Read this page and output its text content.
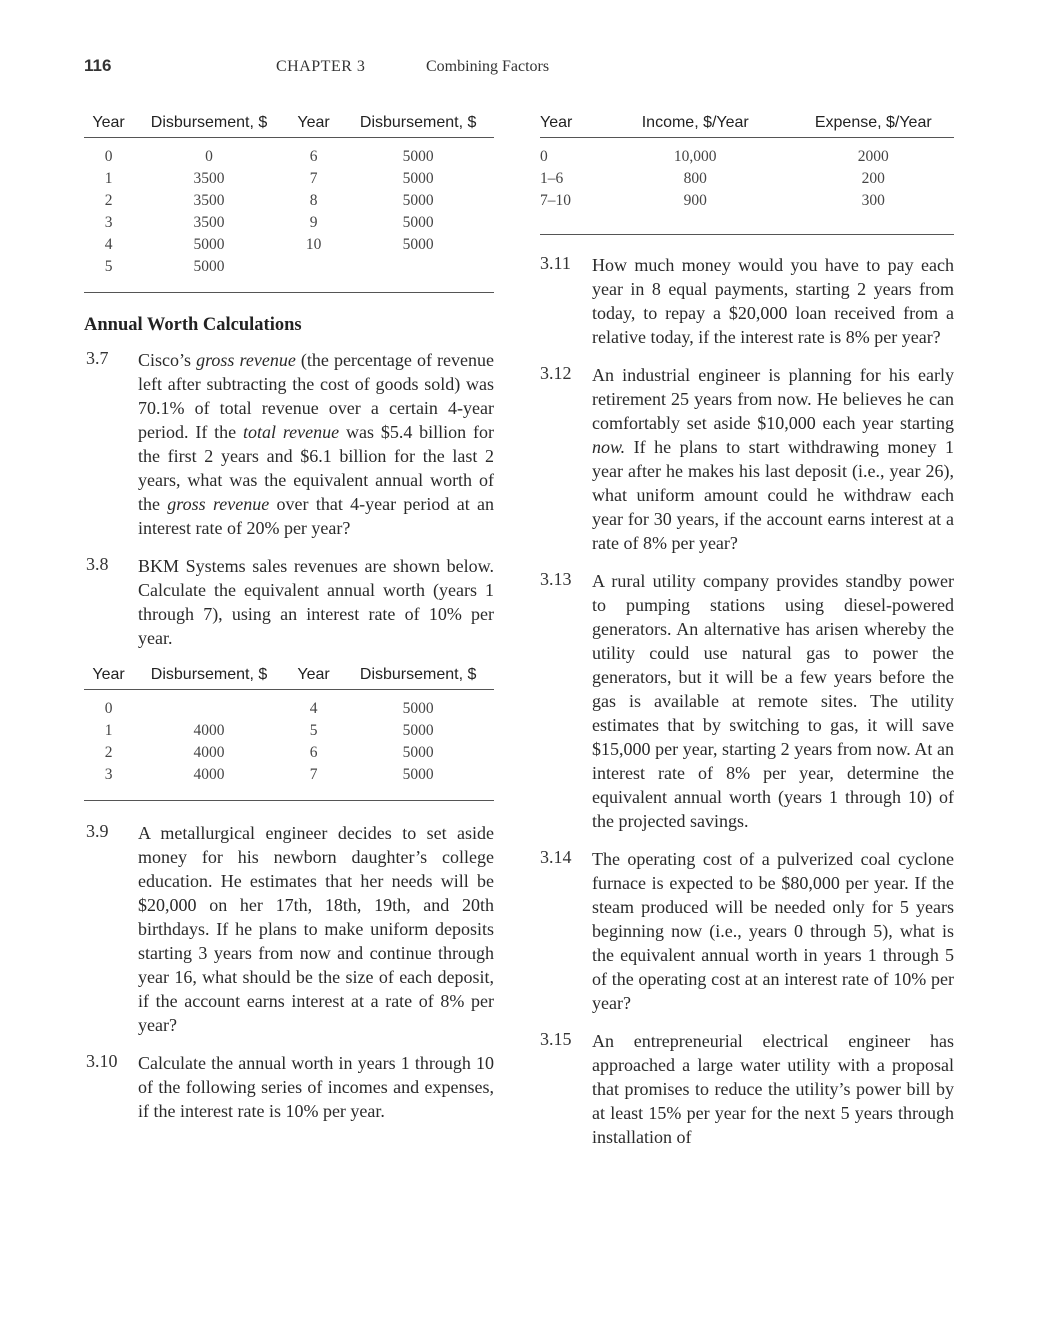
116	CHAPTER 3	Combining Factors
Year	Disbursement, $	Year	Disbursement, $
0	0	6	5000
1	3500	7	5000
2	3500	8	5000
3	3500	9	5000
4	5000	10	5000
5	5000		
Annual Worth Calculations
3.7	Cisco’s gross revenue (the percentage of revenue left after subtracting the cost of goods sold) was 70.1% of total revenue over a certain 4-year period. If the total revenue was $5.4 billion for the first 2 years and $6.1 billion for the last 2 years, what was the equivalent annual worth of the gross revenue over that 4-year period at an interest rate of 20% per year?
3.8	BKM Systems sales revenues are shown below. Calculate the equivalent annual worth (years 1 through 7), using an interest rate of 10% per year.
Year	Disbursement, $	Year	Disbursement, $
0		4	5000
1	4000	5	5000
2	4000	6	5000
3	4000	7	5000
3.9	A metallurgical engineer decides to set aside money for his newborn daughter’s college education. He estimates that her needs will be $20,000 on her 17th, 18th, 19th, and 20th birthdays. If he plans to make uniform deposits starting 3 years from now and continue through year 16, what should be the size of each deposit, if the account earns interest at a rate of 8% per year?
3.10	Calculate the annual worth in years 1 through 10 of the following series of incomes and expenses, if the interest rate is 10% per year.
Year	Income, $/Year	Expense, $/Year
0	10,000	2000
1–6	800	200
7–10	900	300
3.11	How much money would you have to pay each year in 8 equal payments, starting 2 years from today, to repay a $20,000 loan received from a relative today, if the interest rate is 8% per year?
3.12	An industrial engineer is planning for his early retirement 25 years from now. He believes he can comfortably set aside $10,000 each year starting now. If he plans to start withdrawing money 1 year after he makes his last deposit (i.e., year 26), what uniform amount could he withdraw each year for 30 years, if the account earns interest at a rate of 8% per year?
3.13	A rural utility company provides standby power to pumping stations using diesel-powered generators. An alternative has arisen whereby the utility could use natural gas to power the generators, but it will be a few years before the gas is available at remote sites. The utility estimates that by switching to gas, it will save $15,000 per year, starting 2 years from now. At an interest rate of 8% per year, determine the equivalent annual worth (years 1 through 10) of the projected savings.
3.14	The operating cost of a pulverized coal cyclone furnace is expected to be $80,000 per year. If the steam produced will be needed only for 5 years beginning now (i.e., years 0 through 5), what is the equivalent annual worth in years 1 through 5 of the operating cost at an interest rate of 10% per year?
3.15	An entrepreneurial electrical engineer has approached a large water utility with a proposal that promises to reduce the utility’s power bill by at least 15% per year for the next 5 years through installation of
